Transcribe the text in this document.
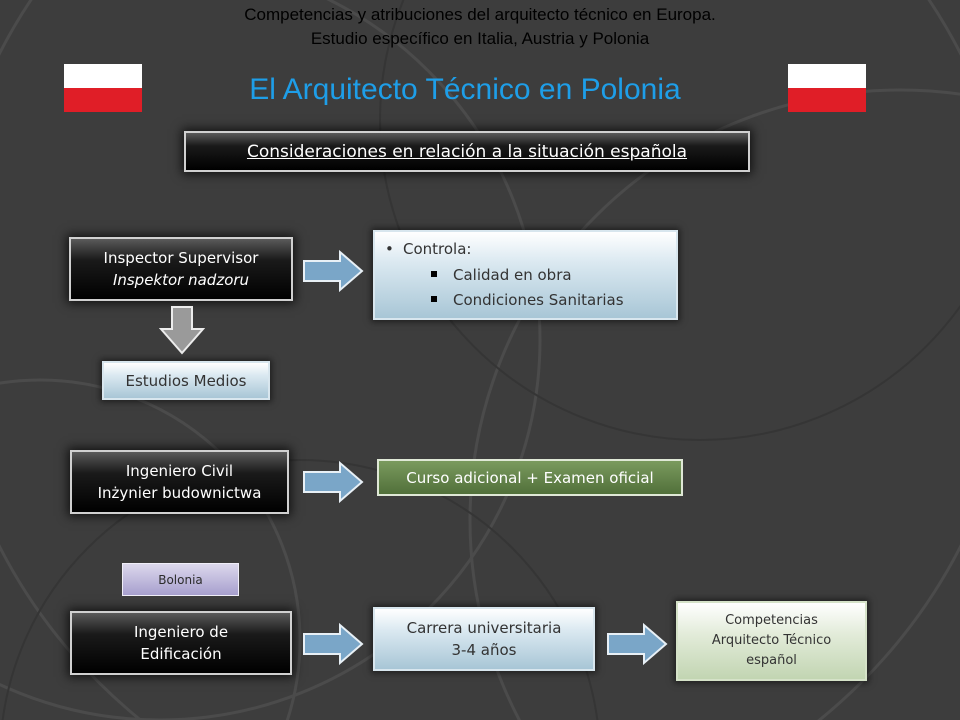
Competencias y atribuciones del arquitecto técnico en Europa.
Estudio específico en Italia, Austria y Polonia
El Arquitecto Técnico en Polonia
Consideraciones en relación a la situación española
Inspector Supervisor
Inspektor nadzoru
• Controla:
Calidad en obra
Condiciones Sanitarias
Estudios Medios
Ingeniero Civil
Inżynier budownictwa
Curso adicional + Examen oficial
Bolonia
Ingeniero de
Edificación
Carrera universitaria
3-4 años
Competencias
Arquitecto Técnico
español
